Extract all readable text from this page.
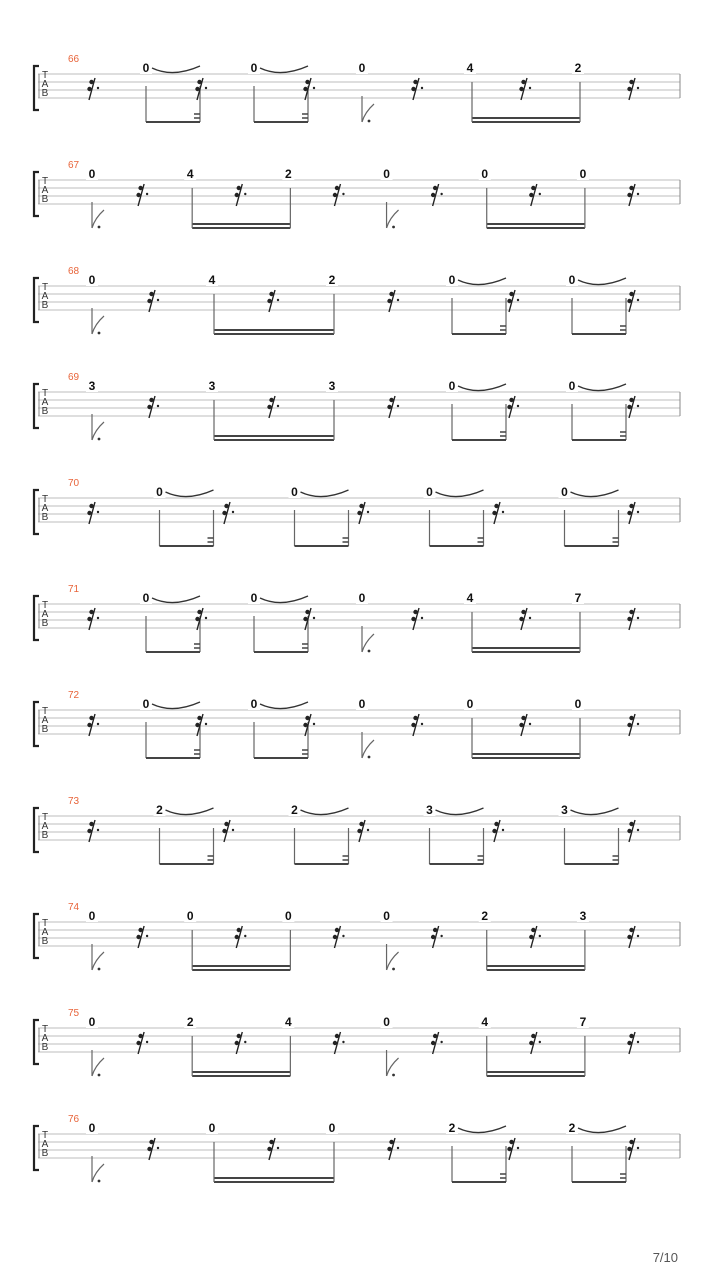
66
T
A
B
0	0	0	4	2
67
T
A
B
0	4	2	0	0	0
68
T
A
B
0	4	2	0	0
69
T
A
B
3	3	3	0	0
70
T
A
B
0	0	0	0
71
T
A
B
0	0	0	4	7
72
T
A
B
0	0	0	0	0
73
T
A
B
2	2	3	3
74
T
A
B
0	0	0	0	2	3
75
T
A
B
0	2	4	0	4	7
76
T
A
B
0	0	0	2	2
7/10
